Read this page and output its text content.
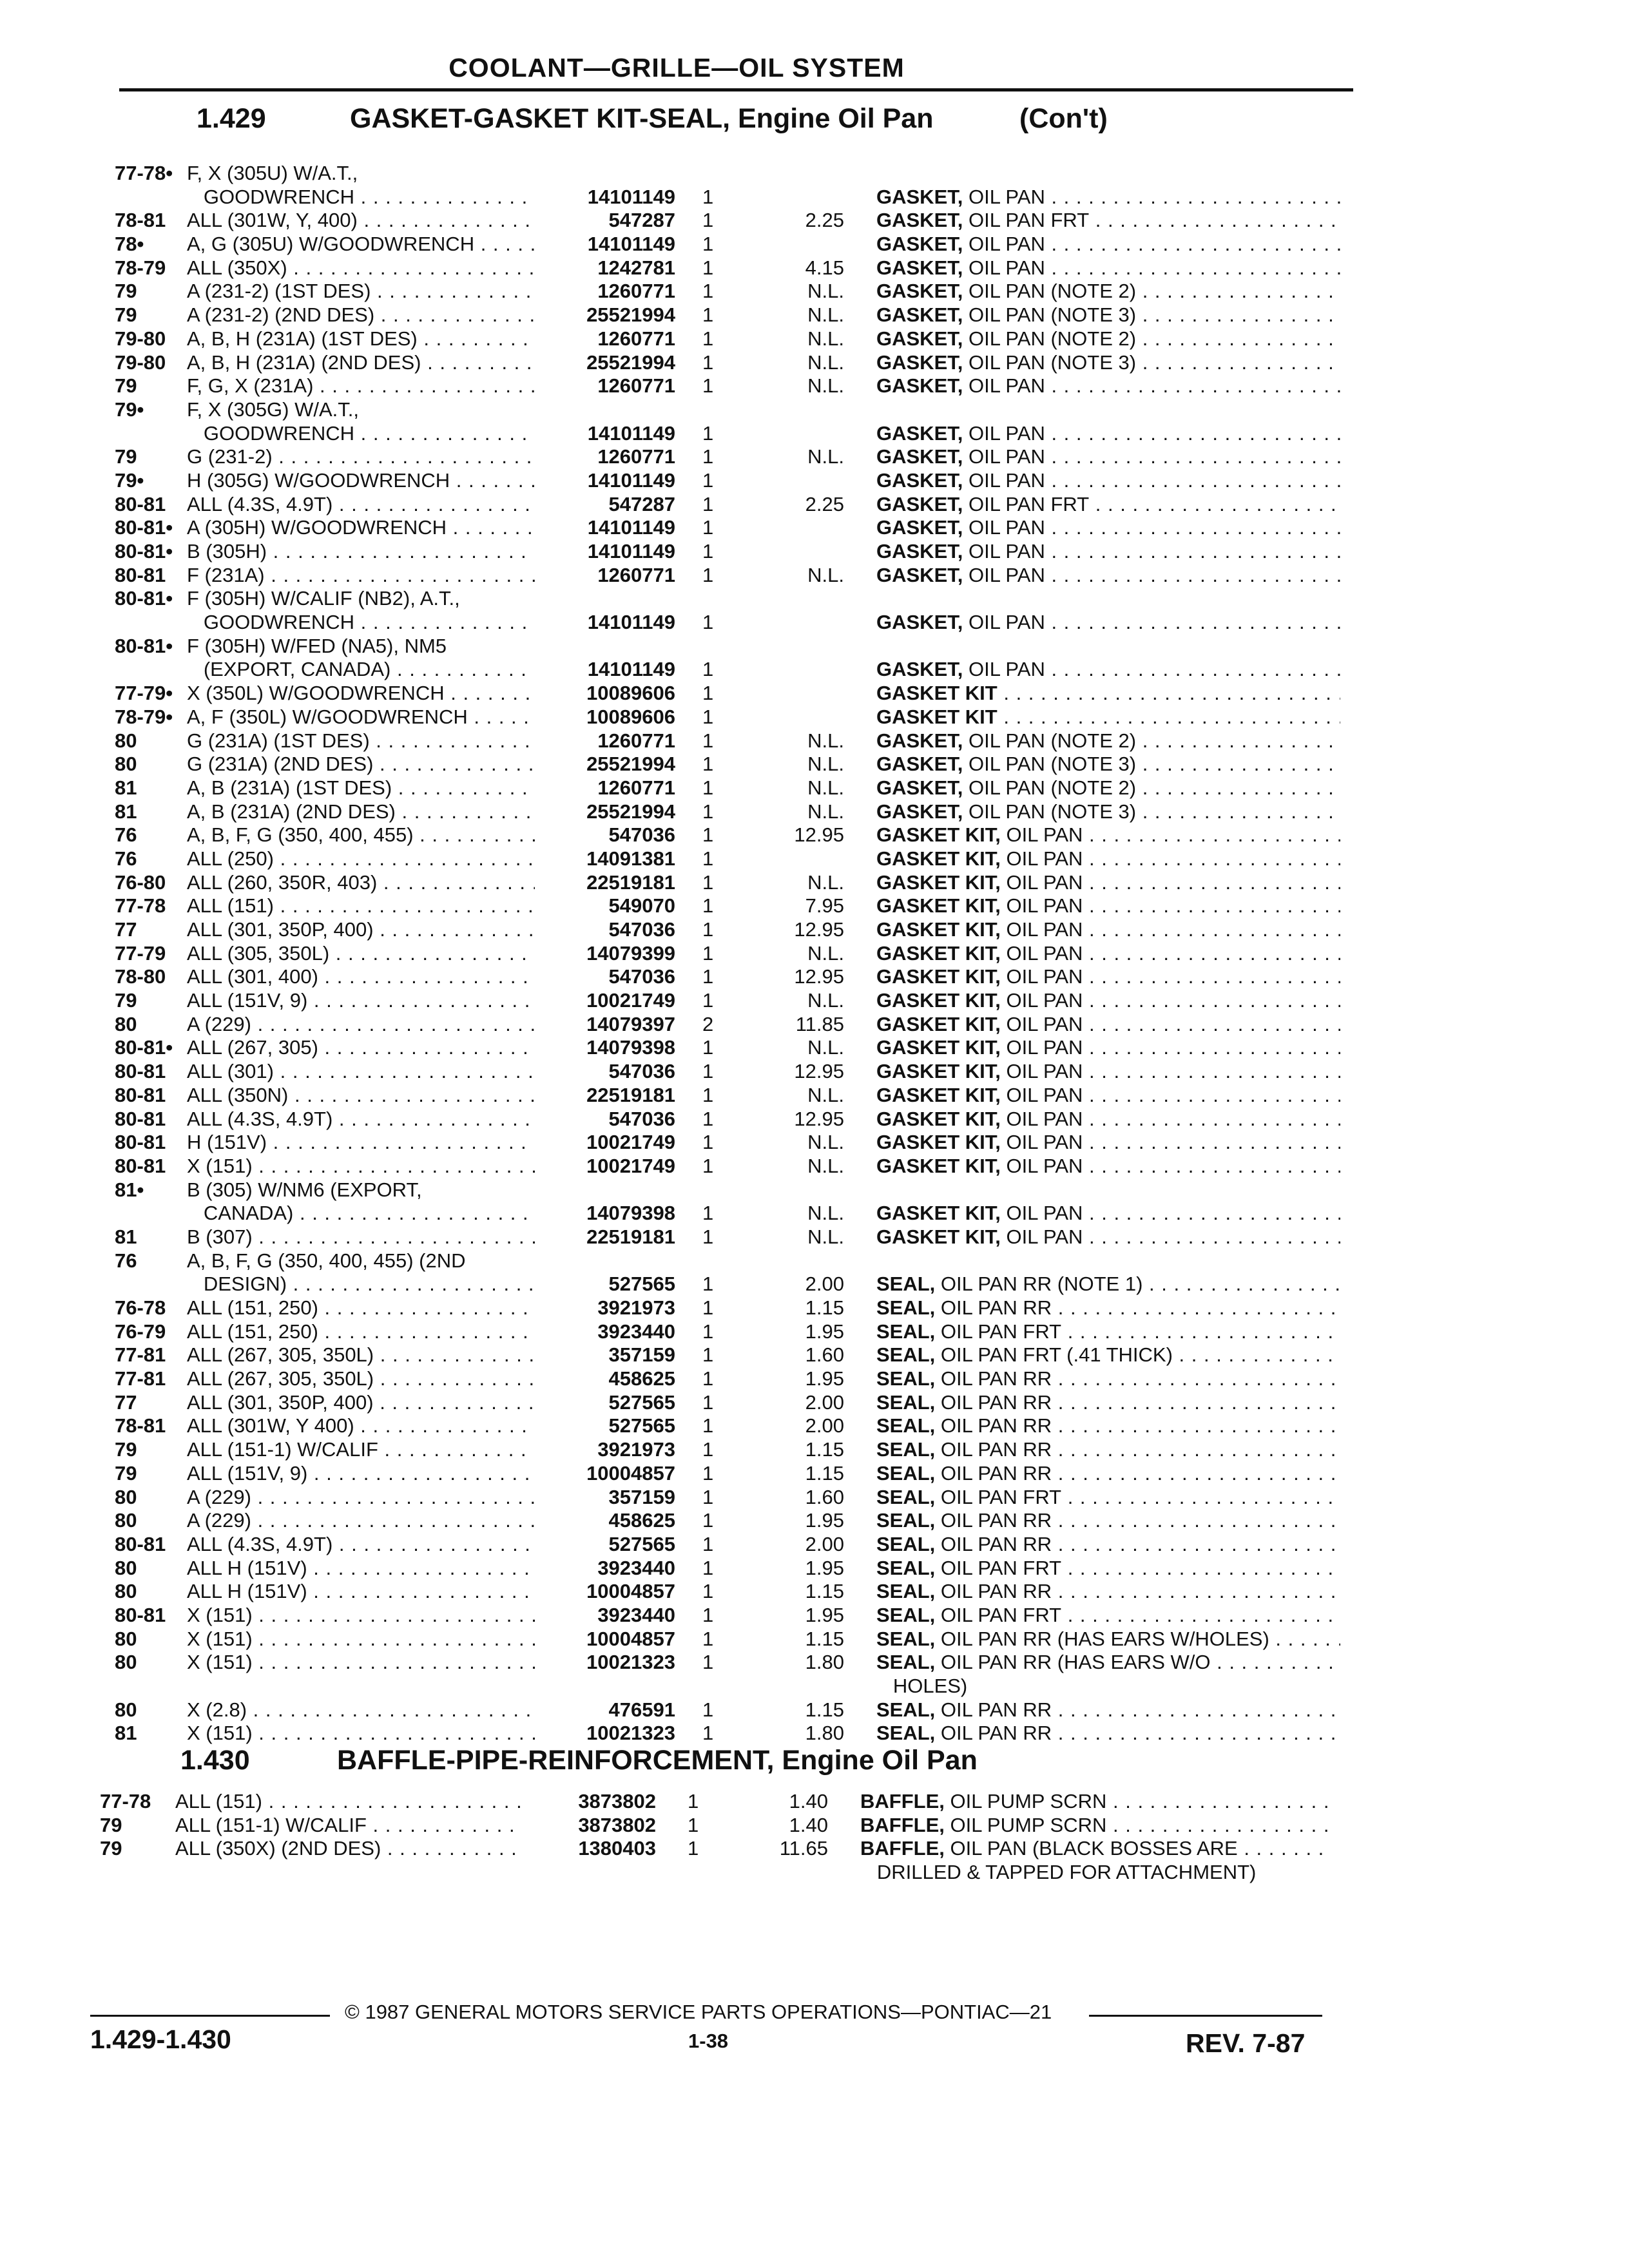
COOLANT—GRILLE—OIL SYSTEM
1.429	GASKET-GASKET KIT-SEAL, Engine Oil Pan	(Con't)
77-78• F, X (305U) W/A.T.,
GOODWRENCH . . .	14101149 1	GASKET, OIL PAN . . .
78-81 ALL (301W, Y, 400) . . .	547287 1	2.25 GASKET, OIL PAN FRT . . .
78• A, G (305U) W/GOODWRENCH . . .	14101149 1	GASKET, OIL PAN . . .
78-79 ALL (350X) . . .	1242781 1	4.15 GASKET, OIL PAN . . .
79	A (231-2) (1ST DES) . . .	1260771 1	N.L. GASKET, OIL PAN (NOTE 2) . . .
79	A (231-2) (2ND DES) . . .	25521994 1	N.L. GASKET, OIL PAN (NOTE 3) . . .
79-80 A, B, H (231A) (1ST DES) . . .	1260771 1	N.L. GASKET, OIL PAN (NOTE 2) . . .
79-80 A, B, H (231A) (2ND DES) . . .	25521994 1	N.L. GASKET, OIL PAN (NOTE 3) . . .
79	F, G, X (231A) . . .	1260771 1	N.L. GASKET, OIL PAN . . .
79• F, X (305G) W/A.T.,
GOODWRENCH . . .	14101149 1	GASKET, OIL PAN . . .
79	G (231-2) . . .	1260771 1	N.L. GASKET, OIL PAN . . .
79• H (305G) W/GOODWRENCH . . .	14101149 1	GASKET, OIL PAN . . .
80-81 ALL (4.3S, 4.9T) . . .	547287 1	2.25 GASKET, OIL PAN FRT . . .
80-81• A (305H) W/GOODWRENCH . . .	14101149 1	GASKET, OIL PAN . . .
80-81• B (305H) . . .	14101149 1	GASKET, OIL PAN . . .
80-81 F (231A) . . .	1260771 1	N.L. GASKET, OIL PAN . . .
80-81• F (305H) W/CALIF (NB2), A.T.,
GOODWRENCH . . .	14101149 1	GASKET, OIL PAN . . .
80-81• F (305H) W/FED (NA5), NM5
(EXPORT, CANADA) . . .	14101149 1	GASKET, OIL PAN . . .
77-79• X (350L) W/GOODWRENCH . . .	10089606 1	GASKET KIT . . .
78-79• A, F (350L) W/GOODWRENCH . . .	10089606 1	GASKET KIT . . .
80	G (231A) (1ST DES) . . .	1260771 1	N.L. GASKET, OIL PAN (NOTE 2) . . .
80	G (231A) (2ND DES) . . .	25521994 1	N.L. GASKET, OIL PAN (NOTE 3) . . .
81	A, B (231A) (1ST DES) . . .	1260771 1	N.L. GASKET, OIL PAN (NOTE 2) . . .
81	A, B (231A) (2ND DES) . . .	25521994 1	N.L. GASKET, OIL PAN (NOTE 3) . . .
76	A, B, F, G (350, 400, 455) . . .	547036 1	12.95 GASKET KIT, OIL PAN . . .
76	ALL (250) . . .	14091381 1	GASKET KIT, OIL PAN . . .
76-80 ALL (260, 350R, 403) . . .	22519181 1	N.L. GASKET KIT, OIL PAN . . .
77-78 ALL (151) . . .	549070 1	7.95 GASKET KIT, OIL PAN . . .
77	ALL (301, 350P, 400) . . .	547036 1	12.95 GASKET KIT, OIL PAN . . .
77-79 ALL (305, 350L) . . .	14079399 1	N.L. GASKET KIT, OIL PAN . . .
78-80 ALL (301, 400) . . .	547036 1	12.95 GASKET KIT, OIL PAN . . .
79	ALL (151V, 9) . . .	10021749 1	N.L. GASKET KIT, OIL PAN . . .
80	A (229) . . .	14079397 2	11.85 GASKET KIT, OIL PAN . . .
80-81• ALL (267, 305) . . .	14079398 1	N.L. GASKET KIT, OIL PAN . . .
80-81 ALL (301) . . .	547036 1	12.95 GASKET KIT, OIL PAN . . .
80-81 ALL (350N) . . .	22519181 1	N.L. GASKET KIT, OIL PAN . . .
80-81 ALL (4.3S, 4.9T) . . .	547036 1	12.95 GASKET KIT, OIL PAN . . .
80-81 H (151V) . . .	10021749 1	N.L. GASKET KIT, OIL PAN . . .
80-81 X (151) . . .	10021749 1	N.L. GASKET KIT, OIL PAN . . .
81• B (305) W/NM6 (EXPORT,
CANADA) . . .	14079398 1	N.L. GASKET KIT, OIL PAN . . .
81	B (307) . . .	22519181 1	N.L. GASKET KIT, OIL PAN . . .
76	A, B, F, G (350, 400, 455) (2ND
DESIGN) . . .	527565 1	2.00 SEAL, OIL PAN RR (NOTE 1) . . .
76-78 ALL (151, 250) . . .	3921973 1	1.15 SEAL, OIL PAN RR . . .
76-79 ALL (151, 250) . . .	3923440 1	1.95 SEAL, OIL PAN FRT . . .
77-81 ALL (267, 305, 350L) . . .	357159 1	1.60 SEAL, OIL PAN FRT (.41 THICK) . . .
77-81 ALL (267, 305, 350L) . . .	458625 1	1.95 SEAL, OIL PAN RR . . .
77	ALL (301, 350P, 400) . . .	527565 1	2.00 SEAL, OIL PAN RR . . .
78-81 ALL (301W, Y 400) . . .	527565 1	2.00 SEAL, OIL PAN RR . . .
79	ALL (151-1) W/CALIF . . .	3921973 1	1.15 SEAL, OIL PAN RR . . .
79	ALL (151V, 9) . . .	10004857 1	1.15 SEAL, OIL PAN RR . . .
80	A (229) . . .	357159 1	1.60 SEAL, OIL PAN FRT . . .
80	A (229) . . .	458625 1	1.95 SEAL, OIL PAN RR . . .
80-81 ALL (4.3S, 4.9T) . . .	527565 1	2.00 SEAL, OIL PAN RR . . .
80	ALL H (151V) . . .	3923440 1	1.95 SEAL, OIL PAN FRT . . .
80	ALL H (151V) . . .	10004857 1	1.15 SEAL, OIL PAN RR . . .
80-81 X (151) . . .	3923440 1	1.95 SEAL, OIL PAN FRT . . .
80	X (151) . . .	10004857 1	1.15 SEAL, OIL PAN RR (HAS EARS W/HOLES) . . .
80	X (151) . . .	10021323 1	1.80 SEAL, OIL PAN RR (HAS EARS W/O . . .
HOLES)
80	X (2.8) . . .	476591 1	1.15 SEAL, OIL PAN RR . . .
81	X (151) . . .	10021323 1	1.80 SEAL, OIL PAN RR . . .
1.430	BAFFLE-PIPE-REINFORCEMENT, Engine Oil Pan
77-78 ALL (151) . . .	3873802 1	1.40 BAFFLE, OIL PUMP SCRN . . .
79	ALL (151-1) W/CALIF . . .	3873802 1	1.40 BAFFLE, OIL PUMP SCRN . . .
79	ALL (350X) (2ND DES) . . .	1380403 1	11.65 BAFFLE, OIL PAN (BLACK BOSSES ARE . . .
DRILLED & TAPPED FOR ATTACHMENT)
© 1987 GENERAL MOTORS SERVICE PARTS OPERATIONS—PONTIAC—21
1.429-1.430	1-38	REV. 7-87
